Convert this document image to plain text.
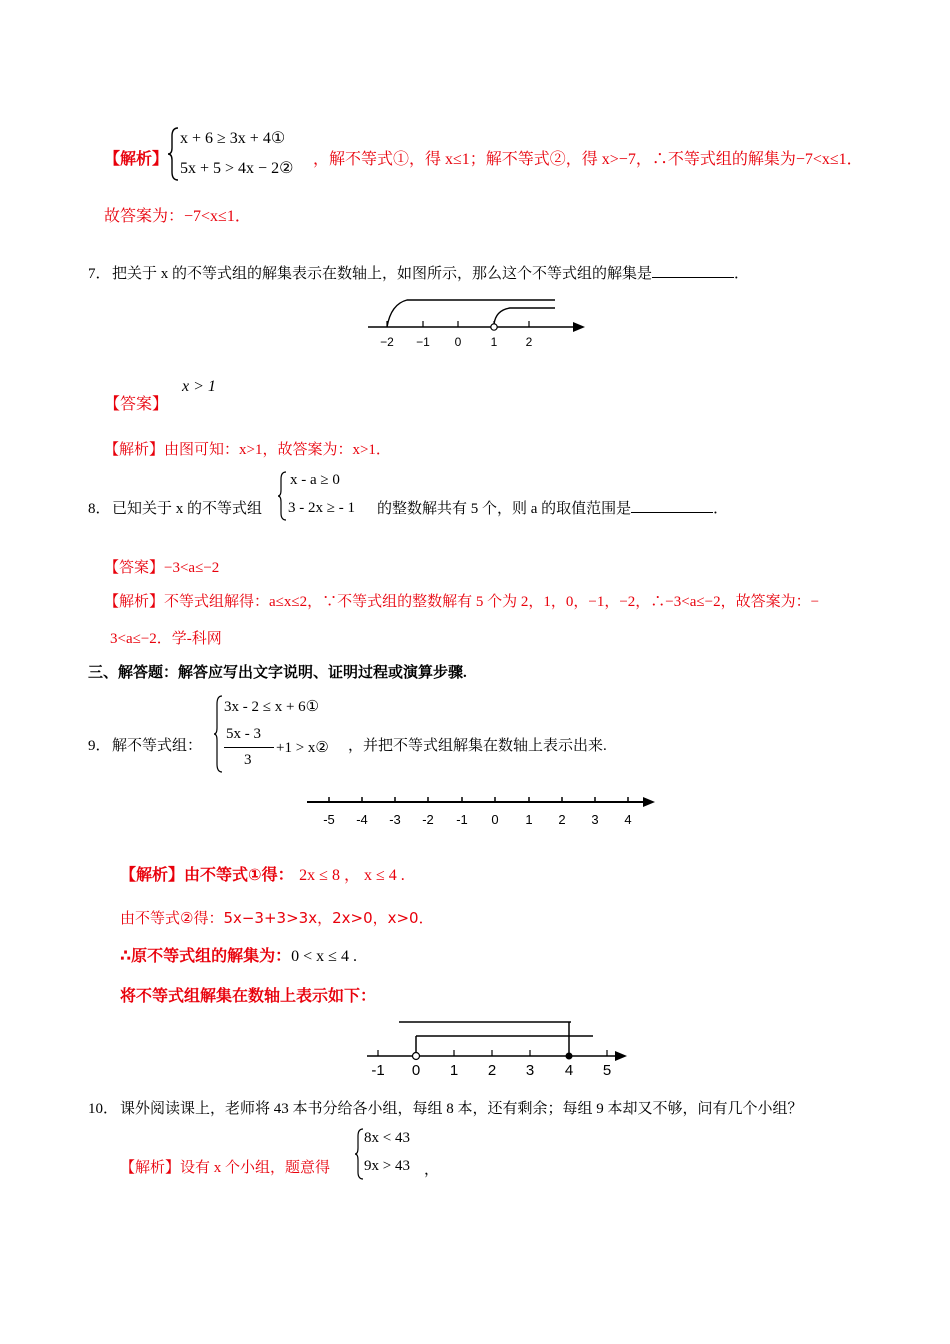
【解析】
x + 6 ≥ 3x + 4①
5x + 5 > 4x − 2②
，解不等式①，得 x≤1；解不等式②，得 x>−7，∴不等式组的解集为−7<x≤1．
故答案为：−7<x≤1．
7． 把关于 x 的不等式组的解集表示在数轴上，如图所示，那么这个不等式组的解集是	．
−2 −1 0 1 2
【答案】
x > 1
【解析】由图可知：x>1，故答案为：x>1．
8． 已知关于 x 的不等式组
x - a ≥ 0
3 - 2x ≥ - 1 的整数解共有 5 个，则 a 的取值范围是	．
【答案】−3<a≤−2
【解析】不等式组解得：a≤x≤2，∵不等式组的整数解有 5 个为 2，1，0，−1，−2，∴−3<a≤−2，故答案为：−
3<a≤−2．学-科网
三、解答题：解答应写出文字说明、证明过程或演算步骤.
9． 解不等式组：
3x - 2 ≤ x + 6①
5x - 3
3
+1 > x② ，并把不等式组解集在数轴上表示出来.
-5 -4 -3 -2 -1 0 1 2 3 4
【解析】由不等式①得： 2x ≤ 8 ， x ≤ 4 .
由不等式②得：5x−3+3>3x，2x>0，x>0．
∴原不等式组的解集为：0 < x ≤ 4 .
将不等式组解集在数轴上表示如下：
-1 0 1 2 3 4 5
10． 课外阅读课上，老师将 43 本书分给各小组，每组 8 本，还有剩余；每组 9 本却又不够，问有几个小组？
【解析】设有 x 个小组，题意得
8x < 43
9x > 43 ，
